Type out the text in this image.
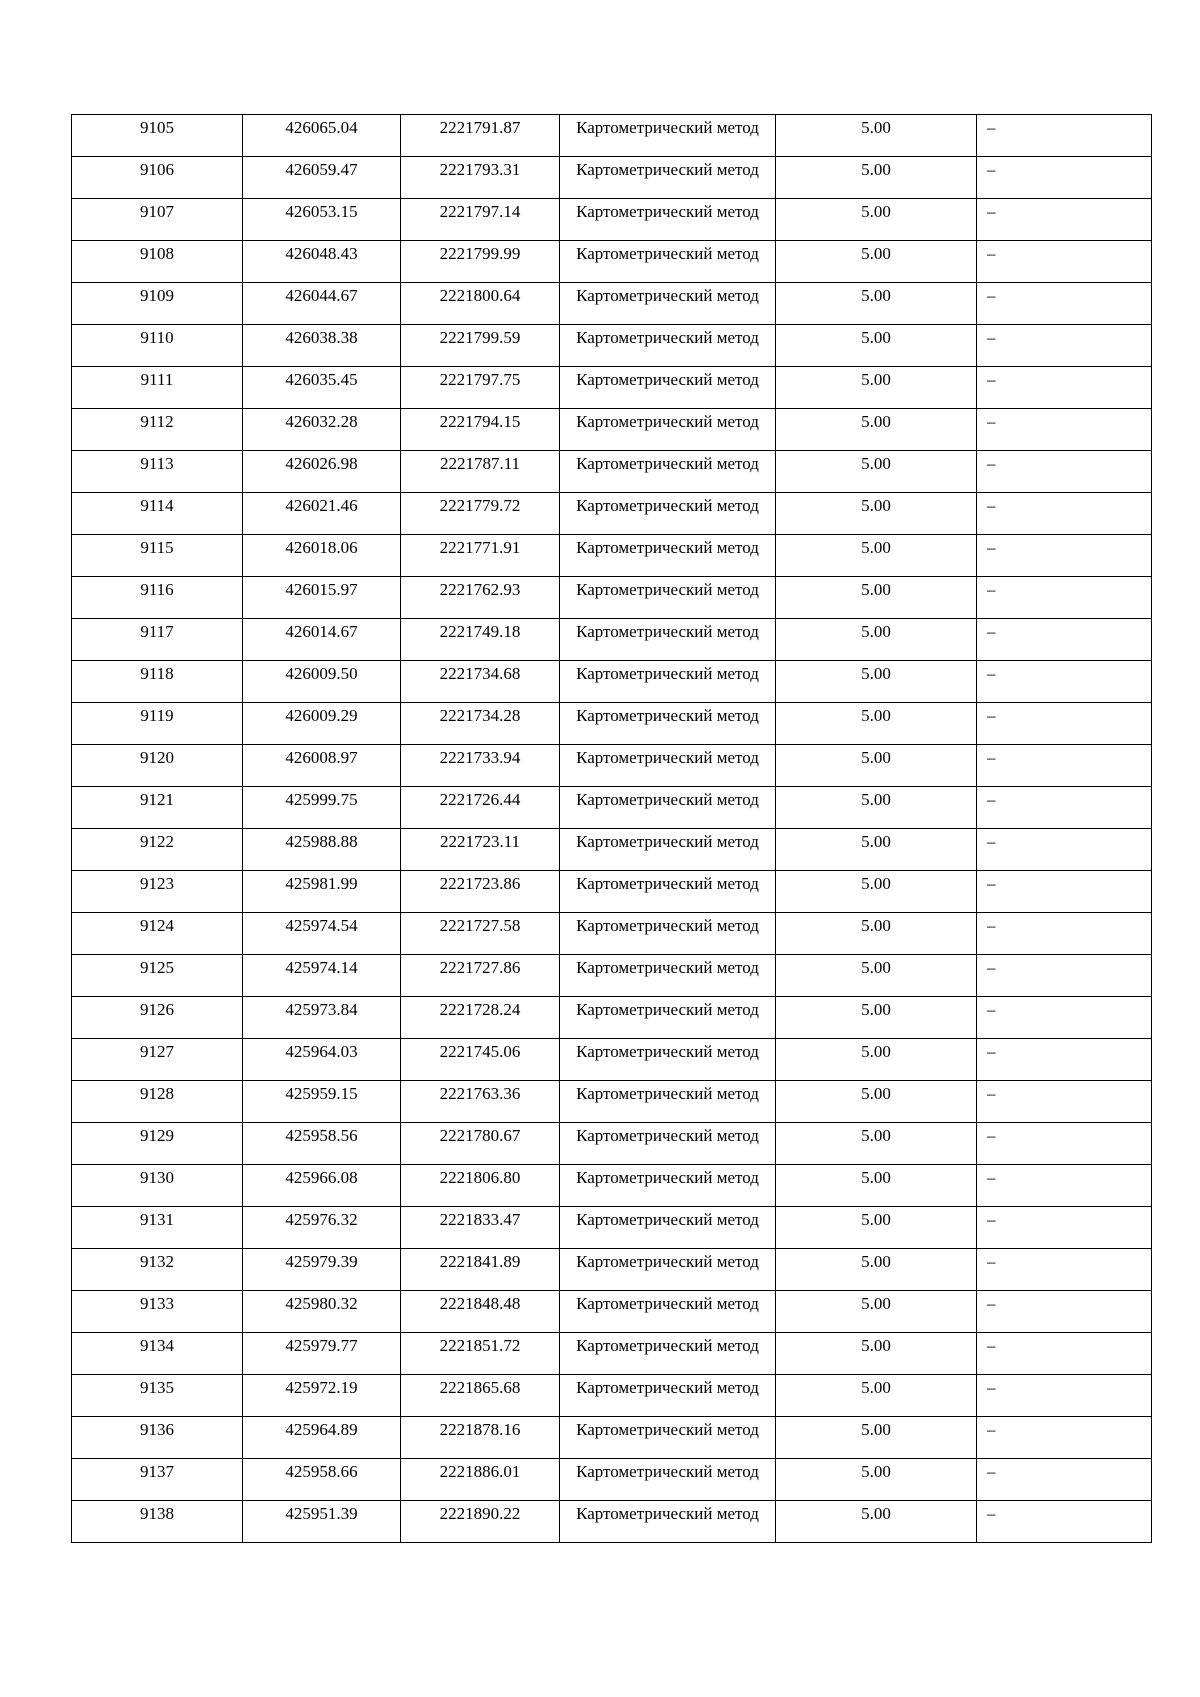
9105	426065.04	2221791.87	Картометрический метод	5.00	–

9106	426059.47	2221793.31	Картометрический метод	5.00	–

9107	426053.15	2221797.14	Картометрический метод	5.00	–

9108	426048.43	2221799.99	Картометрический метод	5.00	–

9109	426044.67	2221800.64	Картометрический метод	5.00	–

9110	426038.38	2221799.59	Картометрический метод	5.00	–

9111	426035.45	2221797.75	Картометрический метод	5.00	–

9112	426032.28	2221794.15	Картометрический метод	5.00	–

9113	426026.98	2221787.11	Картометрический метод	5.00	–

9114	426021.46	2221779.72	Картометрический метод	5.00	–

9115	426018.06	2221771.91	Картометрический метод	5.00	–

9116	426015.97	2221762.93	Картометрический метод	5.00	–

9117	426014.67	2221749.18	Картометрический метод	5.00	–

9118	426009.50	2221734.68	Картометрический метод	5.00	–

9119	426009.29	2221734.28	Картометрический метод	5.00	–

9120	426008.97	2221733.94	Картометрический метод	5.00	–

9121	425999.75	2221726.44	Картометрический метод	5.00	–

9122	425988.88	2221723.11	Картометрический метод	5.00	–

9123	425981.99	2221723.86	Картометрический метод	5.00	–

9124	425974.54	2221727.58	Картометрический метод	5.00	–

9125	425974.14	2221727.86	Картометрический метод	5.00	–

9126	425973.84	2221728.24	Картометрический метод	5.00	–

9127	425964.03	2221745.06	Картометрический метод	5.00	–

9128	425959.15	2221763.36	Картометрический метод	5.00	–

9129	425958.56	2221780.67	Картометрический метод	5.00	–

9130	425966.08	2221806.80	Картометрический метод	5.00	–

9131	425976.32	2221833.47	Картометрический метод	5.00	–

9132	425979.39	2221841.89	Картометрический метод	5.00	–

9133	425980.32	2221848.48	Картометрический метод	5.00	–

9134	425979.77	2221851.72	Картометрический метод	5.00	–

9135	425972.19	2221865.68	Картометрический метод	5.00	–

9136	425964.89	2221878.16	Картометрический метод	5.00	–

9137	425958.66	2221886.01	Картометрический метод	5.00	–

9138	425951.39	2221890.22	Картометрический метод	5.00	–
